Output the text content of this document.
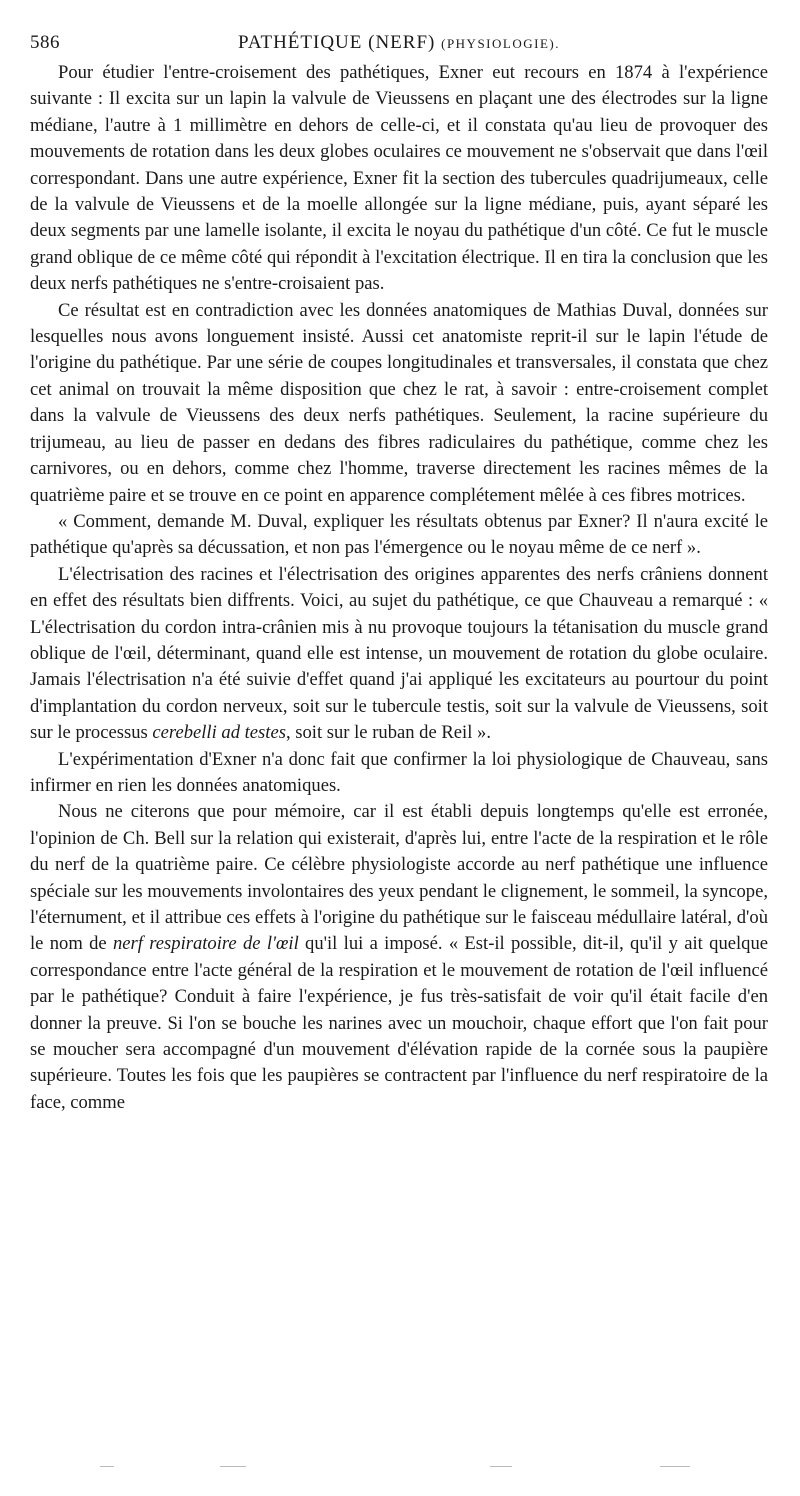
586	PATHÉTIQUE (NERF) (PHYSIOLOGIE).

Pour étudier l'entre-croisement des pathétiques, Exner eut recours en 1874 à l'expérience suivante : Il excita sur un lapin la valvule de Vieussens en plaçant une des électrodes sur la ligne médiane, l'autre à 1 millimètre en dehors de celle-ci, et il constata qu'au lieu de provoquer des mouvements de rotation dans les deux globes oculaires ce mouvement ne s'observait que dans l'œil correspondant. Dans une autre expérience, Exner fit la section des tubercules quadrijumeaux, celle de la valvule de Vieussens et de la moelle allongée sur la ligne médiane, puis, ayant séparé les deux segments par une lamelle isolante, il excita le noyau du pathétique d'un côté. Ce fut le muscle grand oblique de ce même côté qui répondit à l'excitation électrique. Il en tira la conclusion que les deux nerfs pathétiques ne s'entre-croisaient pas.

Ce résultat est en contradiction avec les données anatomiques de Mathias Duval, données sur lesquelles nous avons longuement insisté. Aussi cet anatomiste reprit-il sur le lapin l'étude de l'origine du pathétique. Par une série de coupes longitudinales et transversales, il constata que chez cet animal on trouvait la même disposition que chez le rat, à savoir : entre-croisement complet dans la valvule de Vieussens des deux nerfs pathétiques. Seulement, la racine supérieure du trijumeau, au lieu de passer en dedans des fibres radiculaires du pathétique, comme chez les carnivores, ou en dehors, comme chez l'homme, traverse directement les racines mêmes de la quatrième paire et se trouve en ce point en apparence complétement mêlée à ces fibres motrices.

« Comment, demande M. Duval, expliquer les résultats obtenus par Exner? Il n'aura excité le pathétique qu'après sa décussation, et non pas l'émergence ou le noyau même de ce nerf ».

L'électrisation des racines et l'électrisation des origines apparentes des nerfs crâniens donnent en effet des résultats bien diffrents. Voici, au sujet du pathétique, ce que Chauveau a remarqué : « L'électrisation du cordon intra-crânien mis à nu provoque toujours la tétanisation du muscle grand oblique de l'œil, déterminant, quand elle est intense, un mouvement de rotation du globe oculaire. Jamais l'électrisation n'a été suivie d'effet quand j'ai appliqué les excitateurs au pourtour du point d'implantation du cordon nerveux, soit sur le tubercule testis, soit sur la valvule de Vieussens, soit sur le processus cerebelli ad testes, soit sur le ruban de Reil ».

L'expérimentation d'Exner n'a donc fait que confirmer la loi physiologique de Chauveau, sans infirmer en rien les données anatomiques.

Nous ne citerons que pour mémoire, car il est établi depuis longtemps qu'elle est erronée, l'opinion de Ch. Bell sur la relation qui existerait, d'après lui, entre l'acte de la respiration et le rôle du nerf de la quatrième paire. Ce célèbre physiologiste accorde au nerf pathétique une influence spéciale sur les mouvements involontaires des yeux pendant le clignement, le sommeil, la syncope, l'éternument, et il attribue ces effets à l'origine du pathétique sur le faisceau médullaire latéral, d'où le nom de nerf respiratoire de l'œil qu'il lui a imposé. « Est-il possible, dit-il, qu'il y ait quelque correspondance entre l'acte général de la respiration et le mouvement de rotation de l'œil influencé par le pathétique? Conduit à faire l'expérience, je fus très-satisfait de voir qu'il était facile d'en donner la preuve. Si l'on se bouche les narines avec un mouchoir, chaque effort que l'on fait pour se moucher sera accompagné d'un mouvement d'élévation rapide de la cornée sous la paupière supérieure. Toutes les fois que les paupières se contractent par l'influence du nerf respiratoire de la face, comme
